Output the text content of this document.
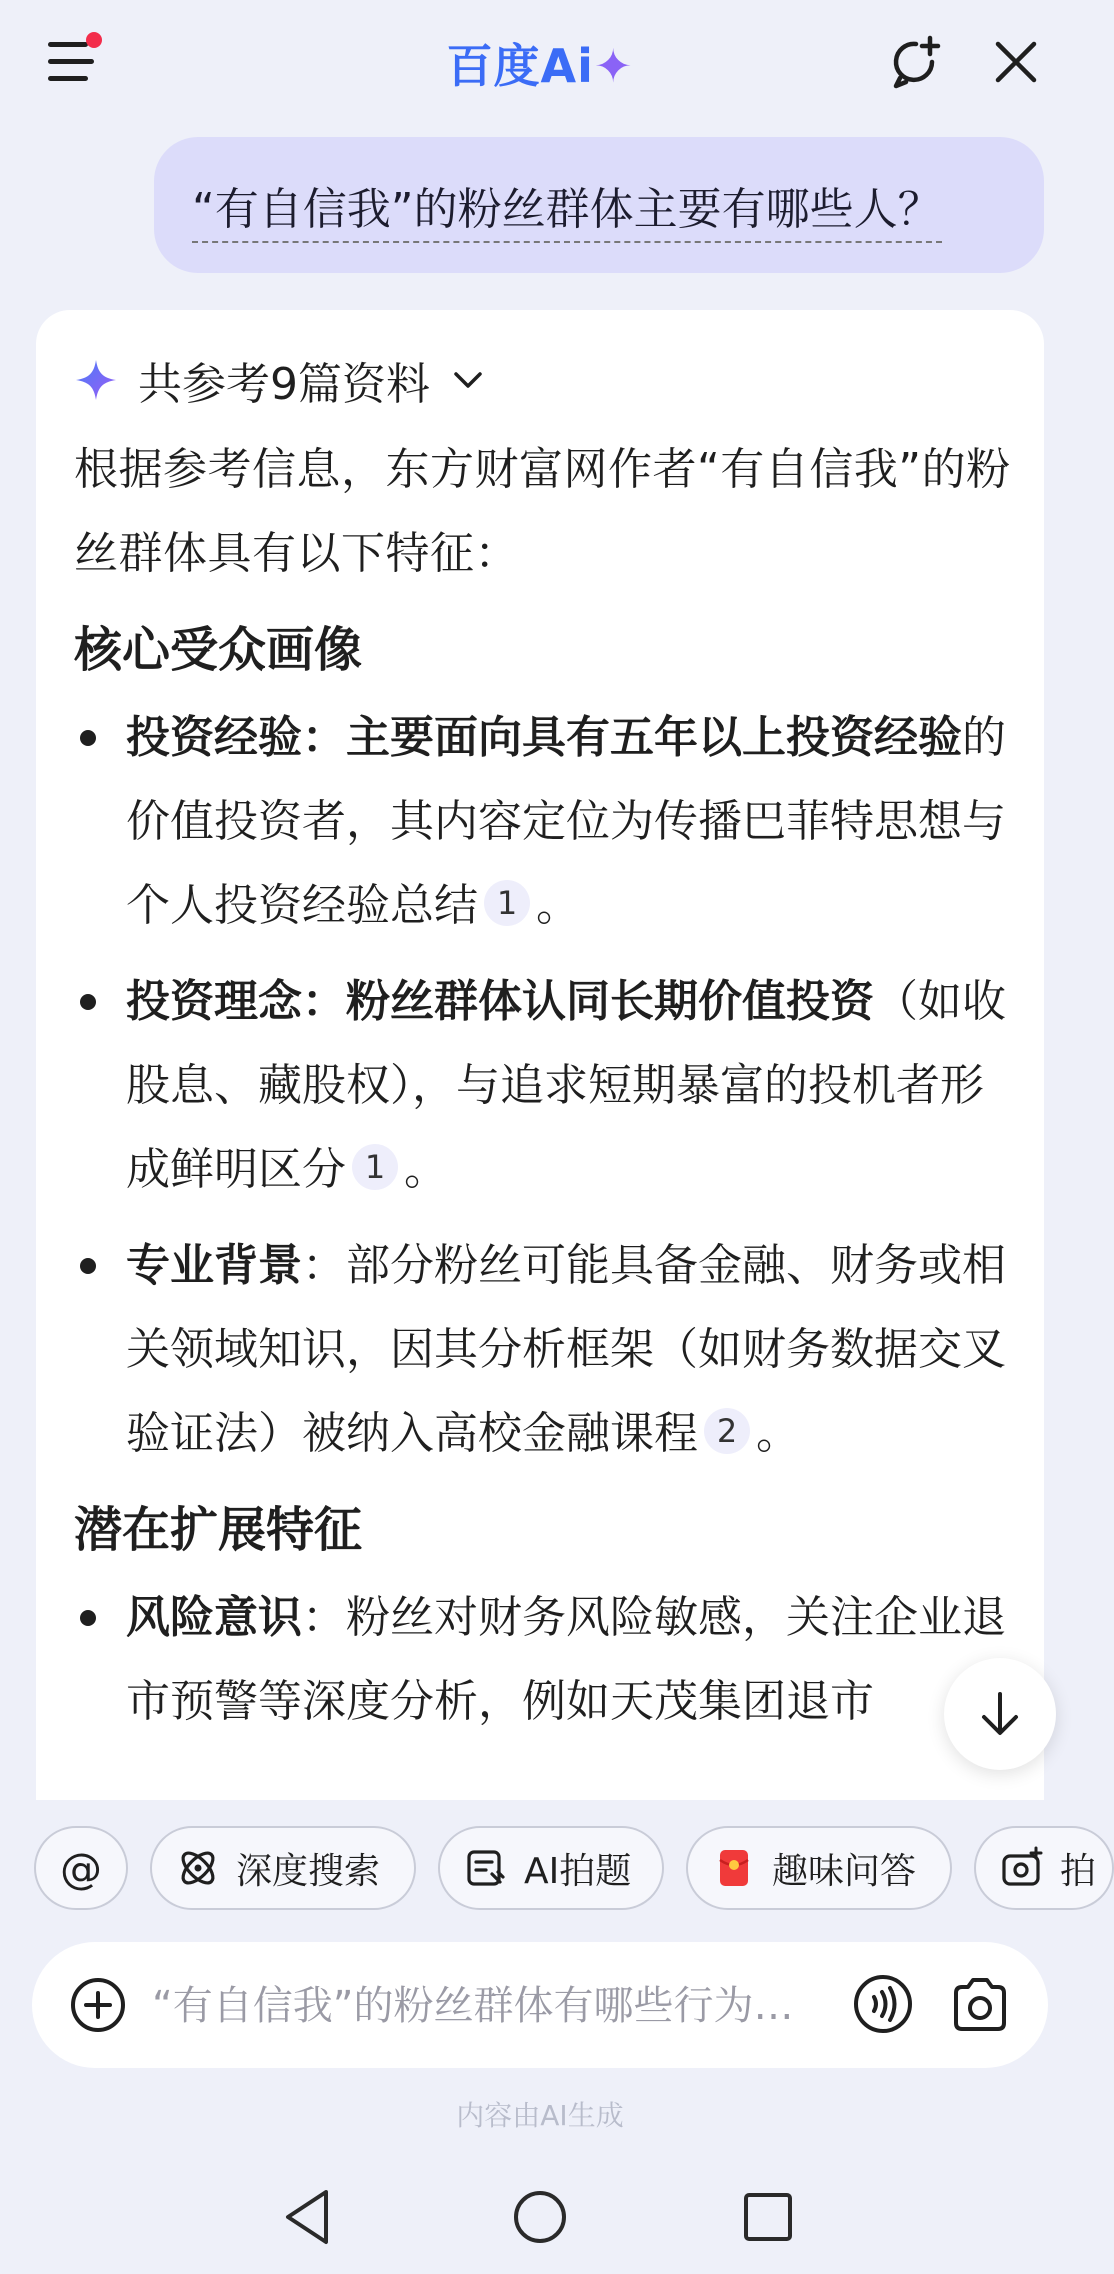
百度Ai✦
“有自信我”的粉丝群体主要有哪些人？
共参考9篇资料

根据参考信息，东方财富网作者“有自信我”的粉丝群体具有以下特征：

核心受众画像
投资经验：主要面向具有五年以上投资经验的价值投资者，其内容定位为传播巴菲特思想与个人投资经验总结 1 。
投资理念：粉丝群体认同长期价值投资（如收股息、藏股权），与追求短期暴富的投机者形成鲜明区分 1 。
专业背景：部分粉丝可能具备金融、财务或相关领域知识，因其分析框架（如财务数据交叉验证法）被纳入高校金融课程 2 。
潜在扩展特征
风险意识：粉丝对财务风险敏感，关注企业退市预警等深度分析，例如天茂集团退市
@	深度搜索	AI拍题	趣味问答	拍
“有自信我”的粉丝群体有哪些行为…
内容由AI生成
